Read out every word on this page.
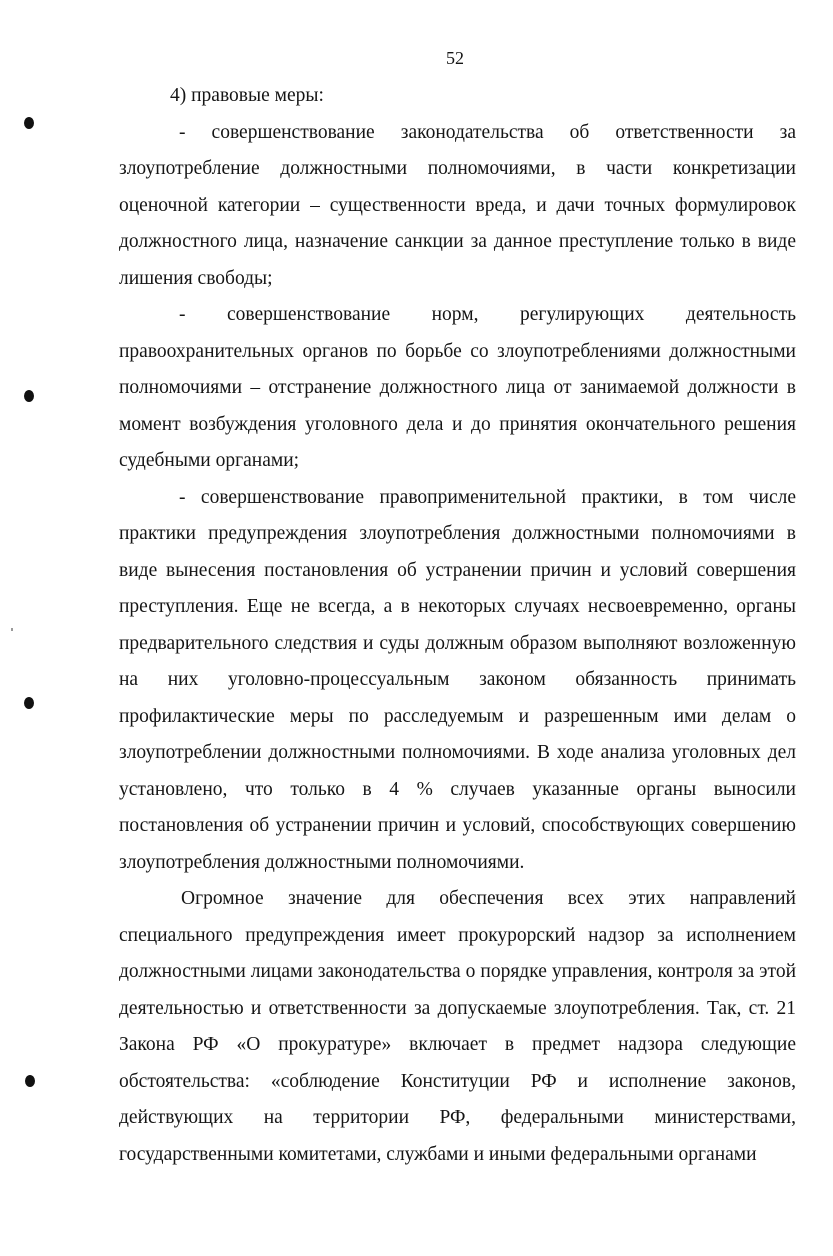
52

4) правовые меры:

- совершенствование законодательства об ответственности за злоупотребление должностными полномочиями, в части конкретизации оценочной категории – существенности вреда, и дачи точных формулировок должностного лица, назначение санкции за данное преступление только в виде лишения свободы;

- совершенствование норм, регулирующих деятельность правоохранительных органов по борьбе со злоупотреблениями должностными полномочиями – отстранение должностного лица от занимаемой должности в момент возбуждения уголовного дела и до принятия окончательного решения судебными органами;

- совершенствование правоприменительной практики, в том числе практики предупреждения злоупотребления должностными полномочиями в виде вынесения постановления об устранении причин и условий совершения преступления. Еще не всегда, а в некоторых случаях несвоевременно, органы предварительного следствия и суды должным образом выполняют возложенную на них уголовно-процессуальным законом обязанность принимать профилактические меры по расследуемым и разрешенным ими делам о злоупотреблении должностными полномочиями. В ходе анализа уголовных дел установлено, что только в 4 % случаев указанные органы выносили постановления об устранении причин и условий, способствующих совершению злоупотребления должностными полномочиями.

Огромное значение для обеспечения всех этих направлений специального предупреждения имеет прокурорский надзор за исполнением должностными лицами законодательства о порядке управления, контроля за этой деятельностью и ответственности за допускаемые злоупотребления. Так, ст. 21 Закона РФ «О прокуратуре» включает в предмет надзора следующие обстоятельства: «соблюдение Конституции РФ и исполнение законов, действующих на территории РФ, федеральными министерствами, государственными комитетами, службами и иными федеральными органами
